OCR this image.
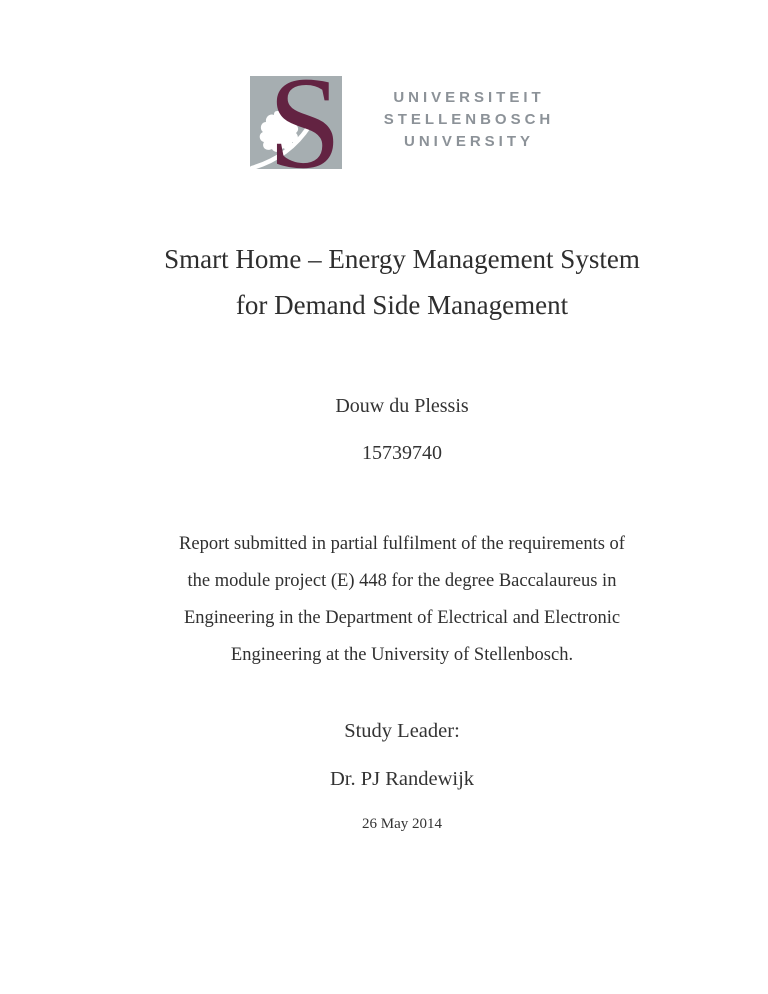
S	UNIVERSITEIT
STELLENBOSCH
UNIVERSITY
Smart Home – Energy Management System
for Demand Side Management
Douw du Plessis
15739740
Report submitted in partial fulfilment of the requirements of
the module project (E) 448 for the degree Baccalaureus in
Engineering in the Department of Electrical and Electronic
Engineering at the University of Stellenbosch.
Study Leader:
Dr. PJ Randewijk
26 May 2014
